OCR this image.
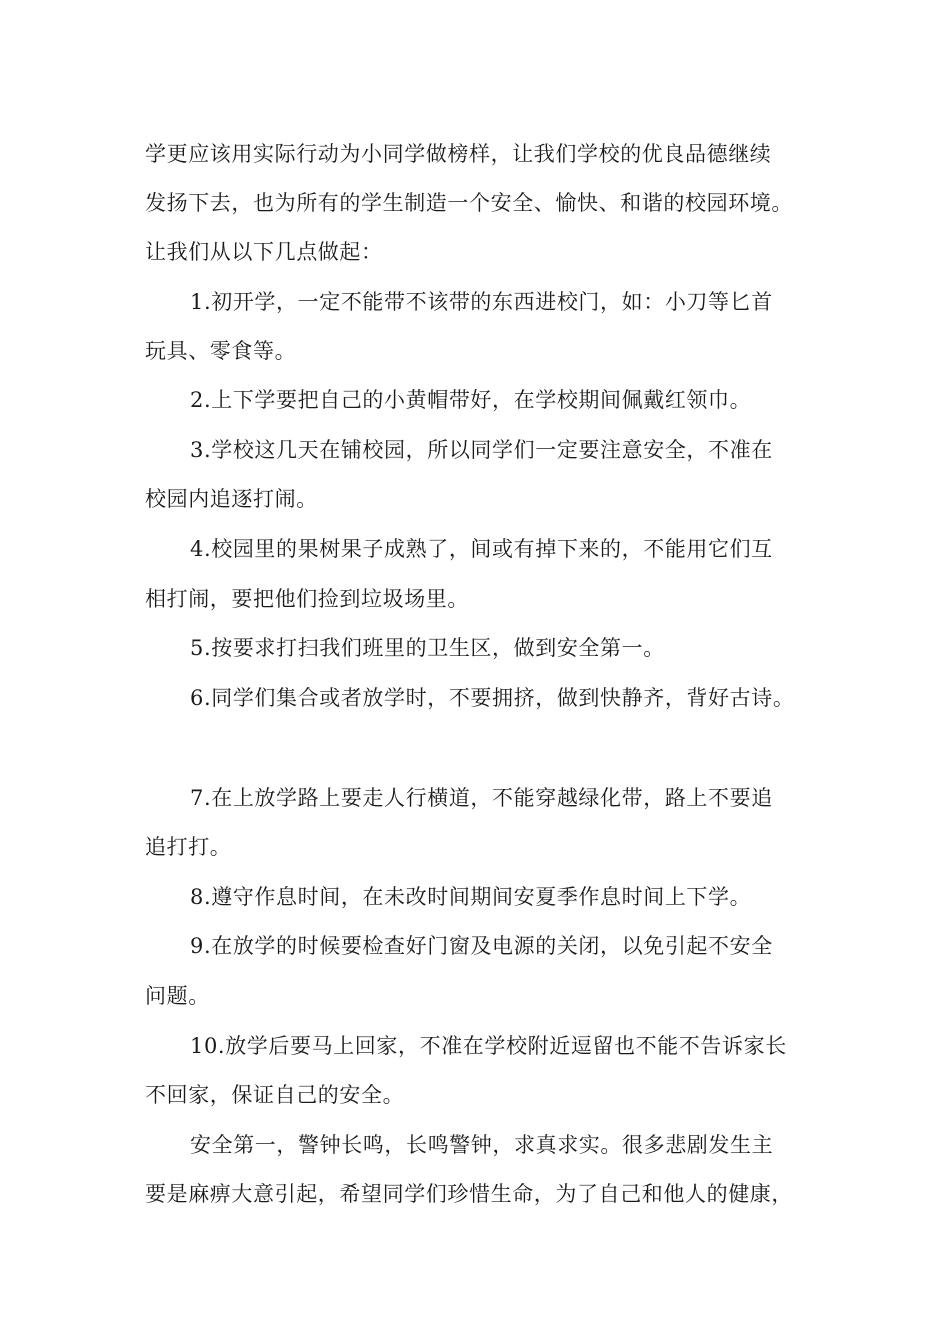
学更应该用实际行动为小同学做榜样，让我们学校的优良品德继续
发扬下去，也为所有的学生制造一个安全、愉快、和谐的校园环境。
让我们从以下几点做起：
1.初开学，一定不能带不该带的东西进校门，如：小刀等匕首
玩具、零食等。
2.上下学要把自己的小黄帽带好，在学校期间佩戴红领巾。
3.学校这几天在铺校园，所以同学们一定要注意安全，不准在
校园内追逐打闹。
4.校园里的果树果子成熟了，间或有掉下来的，不能用它们互
相打闹，要把他们捡到垃圾场里。
5.按要求打扫我们班里的卫生区，做到安全第一。
6.同学们集合或者放学时，不要拥挤，做到快静齐，背好古诗。
7.在上放学路上要走人行横道，不能穿越绿化带，路上不要追
追打打。
8.遵守作息时间，在未改时间期间安夏季作息时间上下学。
9.在放学的时候要检查好门窗及电源的关闭，以免引起不安全
问题。
10.放学后要马上回家，不准在学校附近逗留也不能不告诉家长
不回家，保证自己的安全。
安全第一，警钟长鸣，长鸣警钟，求真求实。很多悲剧发生主
要是麻痹大意引起，希望同学们珍惜生命，为了自己和他人的健康，
